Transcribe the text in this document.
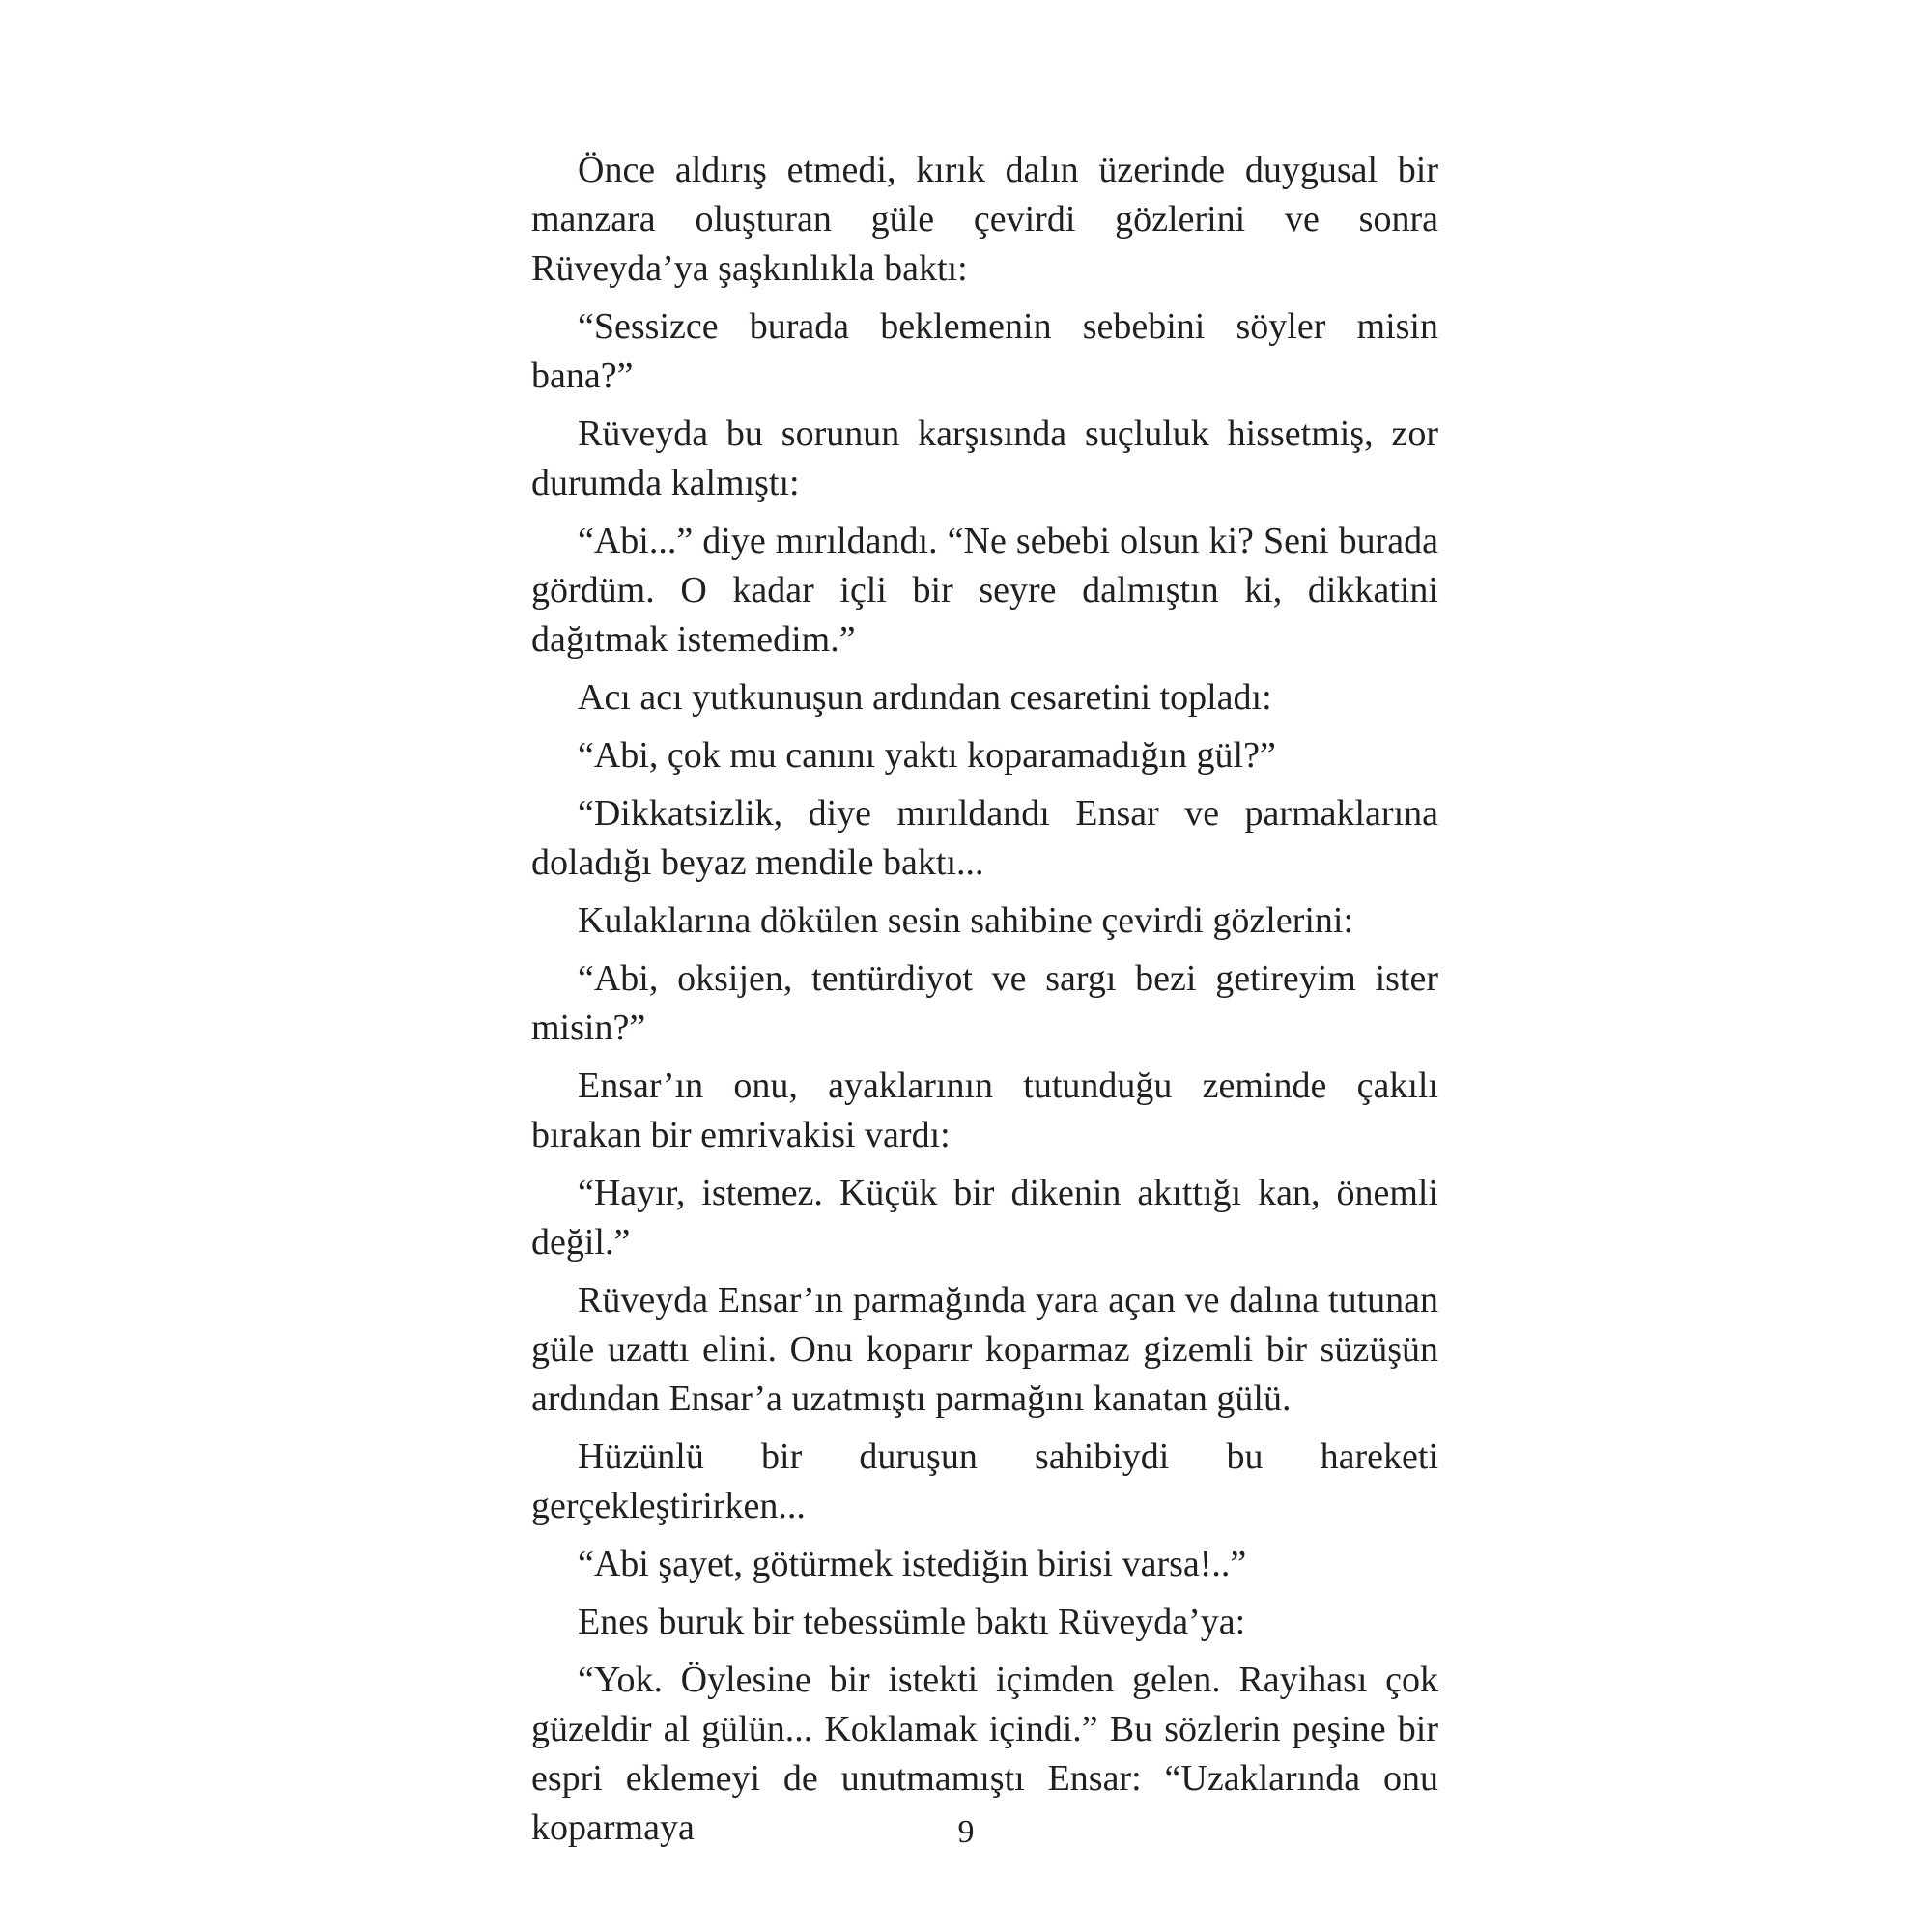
Önce aldırış etmedi, kırık dalın üzerinde duygusal bir manzara oluşturan güle çevirdi gözlerini ve sonra Rüveyda’ya şaşkınlıkla baktı:

“Sessizce burada beklemenin sebebini söyler misin bana?”

Rüveyda bu sorunun karşısında suçluluk hissetmiş, zor durumda kalmıştı:

“Abi...” diye mırıldandı. “Ne sebebi olsun ki? Seni burada gördüm. O kadar içli bir seyre dalmıştın ki, dikkatini dağıtmak istemedim.”

Acı acı yutkunuşun ardından cesaretini topladı:

“Abi, çok mu canını yaktı koparamadığın gül?”

“Dikkatsizlik, diye mırıldandı Ensar ve parmaklarına doladığı beyaz mendile baktı...

Kulaklarına dökülen sesin sahibine çevirdi gözlerini:

“Abi, oksijen, tentürdiyot ve sargı bezi getireyim ister misin?”

Ensar’ın onu, ayaklarının tutunduğu zeminde çakılı bırakan bir emrivakisi vardı:

“Hayır, istemez. Küçük bir dikenin akıttığı kan, önemli değil.”

Rüveyda Ensar’ın parmağında yara açan ve dalına tutunan güle uzattı elini. Onu koparır koparmaz gizemli bir süzüşün ardından Ensar’a uzatmıştı parmağını kanatan gülü.

Hüzünlü bir duruşun sahibiydi bu hareketi gerçekleştirirken...

“Abi şayet, götürmek istediğin birisi varsa!..”

Enes buruk bir tebessümle baktı Rüveyda’ya:

“Yok. Öylesine bir istekti içimden gelen. Rayihası çok güzeldir al gülün... Koklamak içindi.” Bu sözlerin peşine bir espri eklemeyi de unutmamıştı Ensar: “Uzaklarında onu koparmaya	9
